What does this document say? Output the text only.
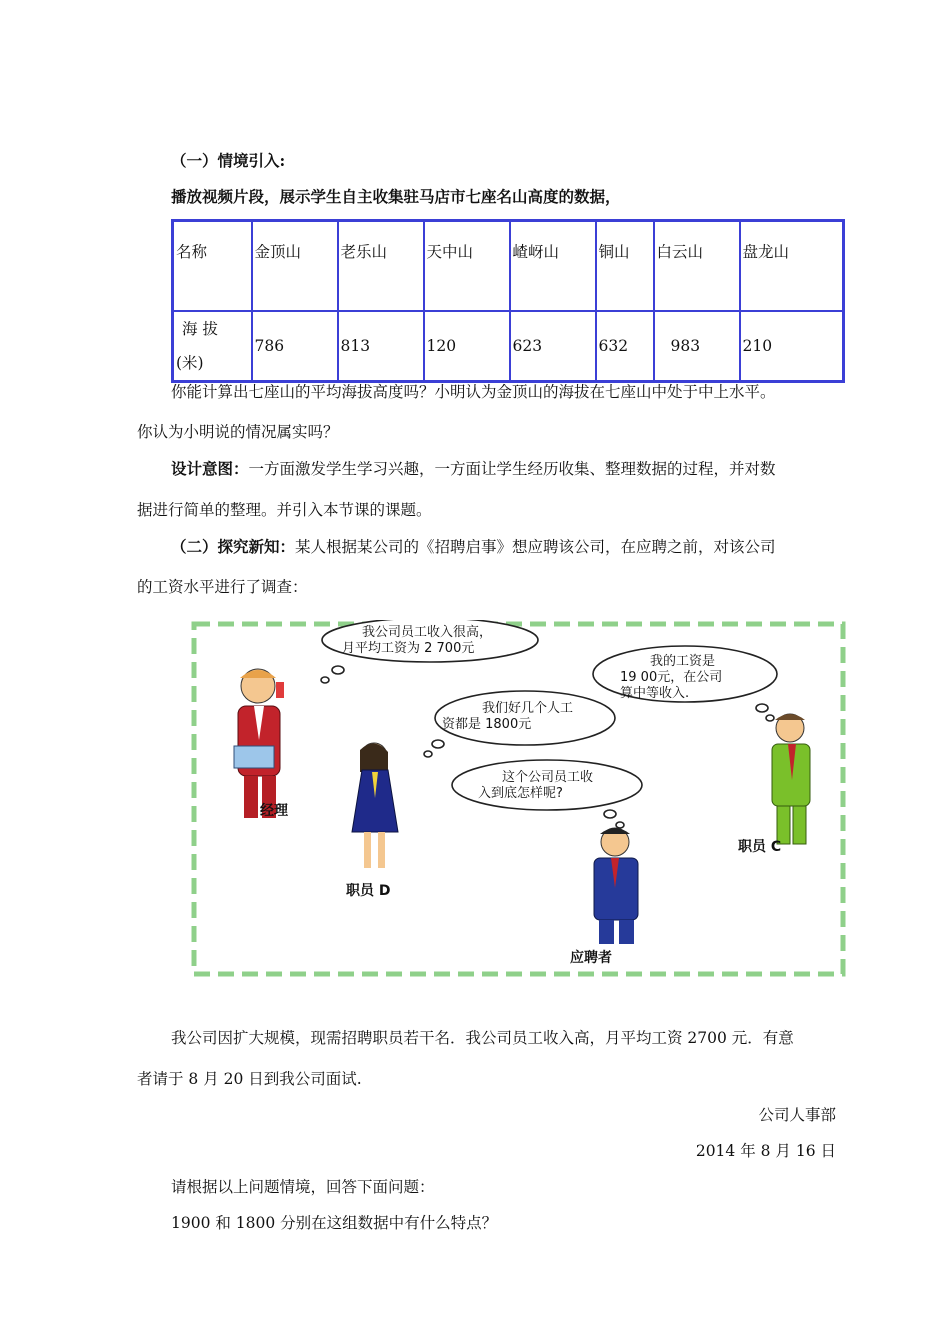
（一）情境引入:
播放视频片段，展示学生自主收集驻马店市七座名山高度的数据，
名称	金顶山	老乐山	天中山	嵖岈山	铜山	白云山	盘龙山

海 拔
(米)	786	813	120	623	632	983	210
你能计算出七座山的平均海拔高度吗？小明认为金顶山的海拔在七座山中处于中上水平。
你认为小明说的情况属实吗？
设计意图：一方面激发学生学习兴趣，一方面让学生经历收集、整理数据的过程，并对数
据进行简单的整理。并引入本节课的课题。
（二）探究新知：某人根据某公司的《招聘启事》想应聘该公司，在应聘之前，对该公司
的工资水平进行了调查：
我公司员工收入很高，
月平均工资为 2 700元
我的工资是
19 00元，在公司
算中等收入.
我们好几个人工
资都是 1800元
这个公司员工收
入到底怎样呢?
经理
职员 D
职员 C
应聘者
我公司因扩大规模，现需招聘职员若干名．我公司员工收入高，月平均工资 2700 元．有意
者请于 8 月 20 日到我公司面试.
公司人事部
2014 年 8 月 16 日
请根据以上问题情境，回答下面问题：
1900 和 1800 分别在这组数据中有什么特点？
